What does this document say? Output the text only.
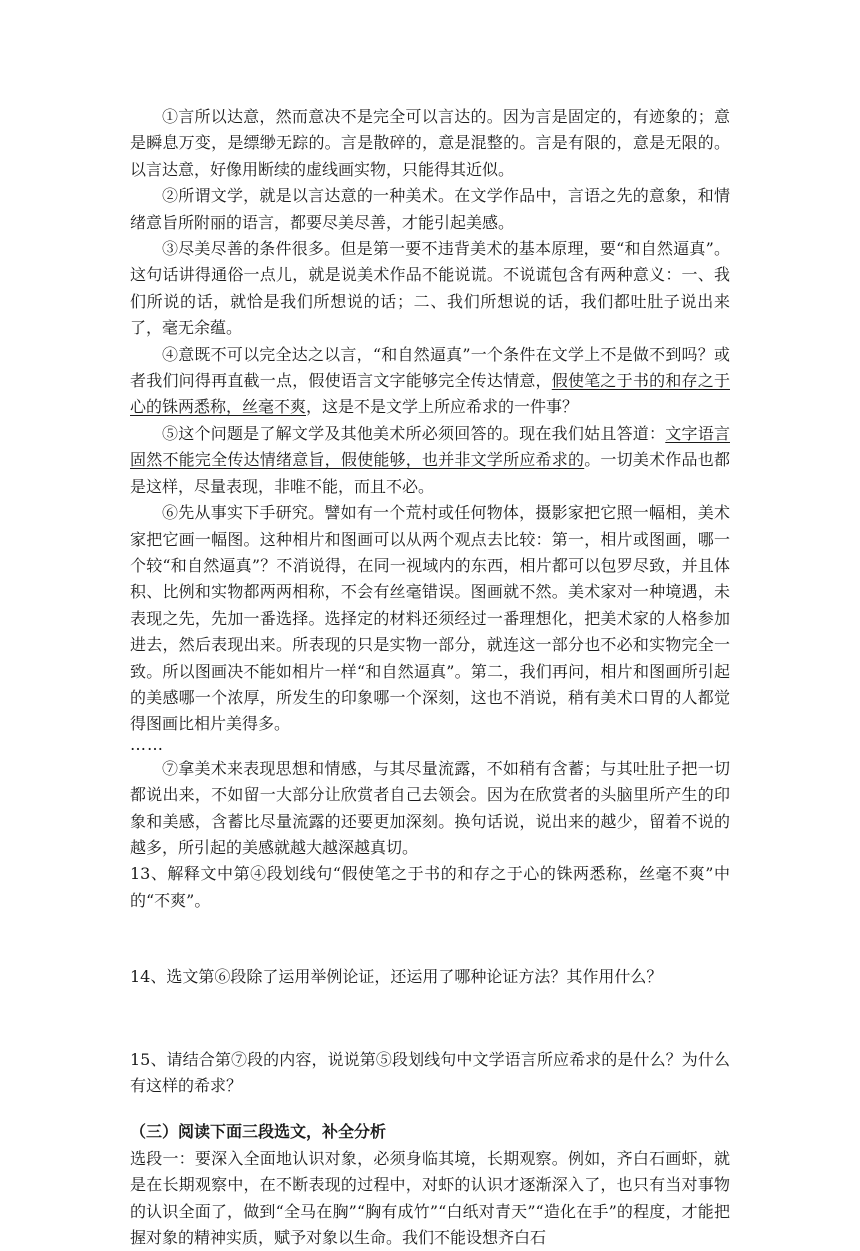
①言所以达意，然而意决不是完全可以言达的。因为言是固定的，有迹象的；意是瞬息万变，是缥缈无踪的。言是散碎的，意是混整的。言是有限的，意是无限的。以言达意，好像用断续的虚线画实物，只能得其近似。

②所谓文学，就是以言达意的一种美术。在文学作品中，言语之先的意象，和情绪意旨所附丽的语言，都要尽美尽善，才能引起美感。

③尽美尽善的条件很多。但是第一要不违背美术的基本原理，要“和自然逼真”。这句话讲得通俗一点儿，就是说美术作品不能说谎。不说谎包含有两种意义：一、我们所说的话，就恰是我们所想说的话；二、我们所想说的话，我们都吐肚子说出来了，毫无余蕴。

④意既不可以完全达之以言，“和自然逼真”一个条件在文学上不是做不到吗？或者我们问得再直截一点，假使语言文字能够完全传达情意，假使笔之于书的和存之于心的铢两悉称，丝毫不爽，这是不是文学上所应希求的一件事？

⑤这个问题是了解文学及其他美术所必须回答的。现在我们姑且答道：文字语言固然不能完全传达情绪意旨，假使能够，也并非文学所应希求的。一切美术作品也都是这样，尽量表现，非唯不能，而且不必。

⑥先从事实下手研究。譬如有一个荒村或任何物体，摄影家把它照一幅相，美术家把它画一幅图。这种相片和图画可以从两个观点去比较：第一，相片或图画，哪一个较“和自然逼真”？不消说得，在同一视域内的东西，相片都可以包罗尽致，并且体积、比例和实物都两两相称，不会有丝毫错误。图画就不然。美术家对一种境遇，未表现之先，先加一番选择。选择定的材料还须经过一番理想化，把美术家的人格参加进去，然后表现出来。所表现的只是实物一部分，就连这一部分也不必和实物完全一致。所以图画决不能如相片一样“和自然逼真”。第二，我们再问，相片和图画所引起的美感哪一个浓厚，所发生的印象哪一个深刻，这也不消说，稍有美术口胃的人都觉得图画比相片美得多。

……

⑦拿美术来表现思想和情感，与其尽量流露，不如稍有含蓄；与其吐肚子把一切都说出来，不如留一大部分让欣赏者自己去领会。因为在欣赏者的头脑里所产生的印象和美感，含蓄比尽量流露的还要更加深刻。换句话说，说出来的越少，留着不说的越多，所引起的美感就越大越深越真切。

13、解释文中第④段划线句“假使笔之于书的和存之于心的铢两悉称，丝毫不爽”中的“不爽”。

14、选文第⑥段除了运用举例论证，还运用了哪种论证方法？其作用什么？

15、请结合第⑦段的内容，说说第⑤段划线句中文学语言所应希求的是什么？为什么有这样的希求？

（三）阅读下面三段选文，补全分析

选段一：要深入全面地认识对象，必须身临其境，长期观察。例如，齐白石画虾，就是在长期观察中，在不断表现的过程中，对虾的认识才逐渐深入了，也只有当对事物的认识全面了，做到“全马在胸”“胸有成竹”“白纸对青天”“造化在手”的程度，才能把握对象的精神实质，赋予对象以生命。我们不能设想齐白石
